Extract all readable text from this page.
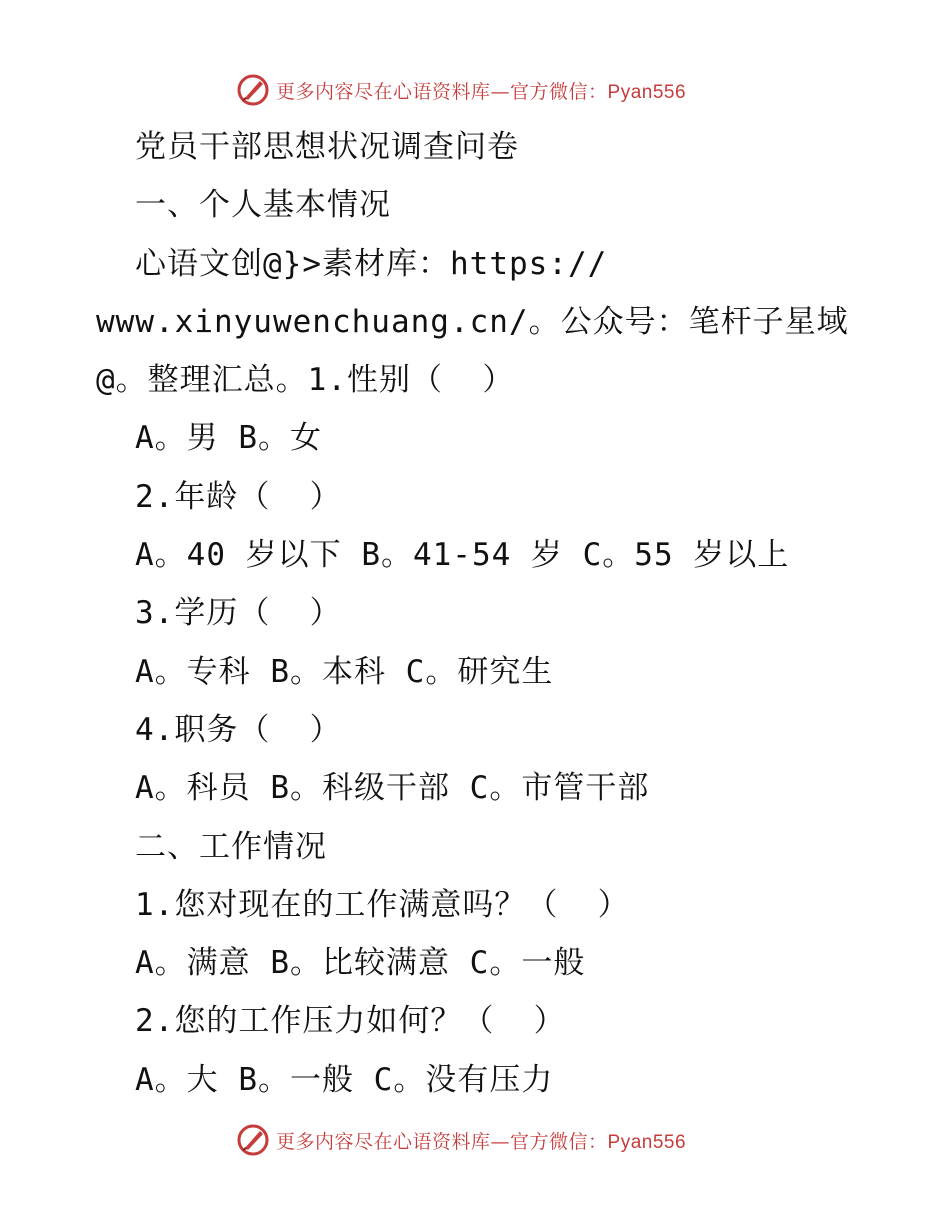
更多内容尽在心语资料库—官方微信：Pyan556
党员干部思想状况调查问卷
一、个人基本情况
心语文创@}>素材库：https://
www.xinyuwenchuang.cn/。公众号：笔杆子星域
@。整理汇总。1.性别（  ）
A。男 B。女
2.年龄（  ）
A。40 岁以下 B。41-54 岁 C。55 岁以上
3.学历（  ）
A。专科 B。本科 C。研究生
4.职务（  ）
A。科员 B。科级干部 C。市管干部
二、工作情况
1.您对现在的工作满意吗？（  ）
A。满意 B。比较满意 C。一般
2.您的工作压力如何？（  ）
A。大 B。一般 C。没有压力
更多内容尽在心语资料库—官方微信：Pyan556
